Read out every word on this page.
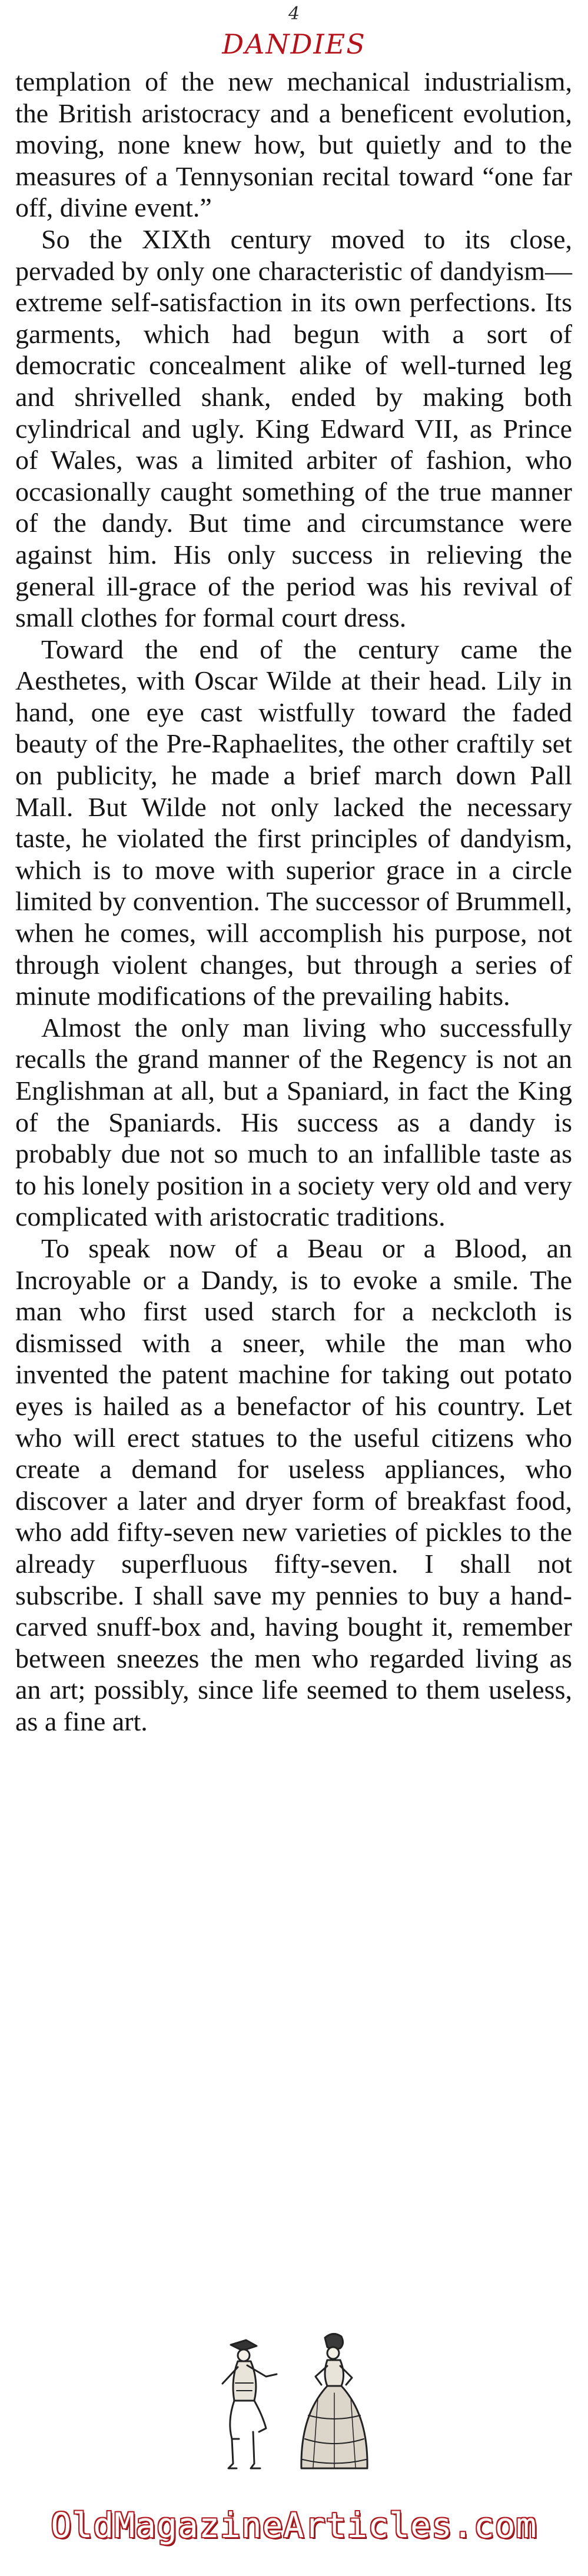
4
DANDIES

templation of the new mechanical industrialism, the British aristocracy and a beneficent evolution, moving, none knew how, but quietly and to the measures of a Tennysonian recital toward “one far off, divine event.”

So the XIXth century moved to its close, pervaded by only one characteristic of dandyism—extreme self-satisfaction in its own perfections. Its garments, which had begun with a sort of democratic concealment alike of well-turned leg and shrivelled shank, ended by making both cylindrical and ugly. King Edward VII, as Prince of Wales, was a limited arbiter of fashion, who occasionally caught something of the true manner of the dandy. But time and circumstance were against him. His only success in relieving the general ill-grace of the period was his revival of small clothes for formal court dress.

Toward the end of the century came the Aesthetes, with Oscar Wilde at their head. Lily in hand, one eye cast wistfully toward the faded beauty of the Pre-Raphaelites, the other craftily set on publicity, he made a brief march down Pall Mall. But Wilde not only lacked the necessary taste, he violated the first principles of dandyism, which is to move with superior grace in a circle limited by convention. The successor of Brummell, when he comes, will accomplish his purpose, not through violent changes, but through a series of minute modifications of the prevailing habits.

Almost the only man living who successfully recalls the grand manner of the Regency is not an Englishman at all, but a Spaniard, in fact the King of the Spaniards. His success as a dandy is probably due not so much to an infallible taste as to his lonely position in a society very old and very complicated with aristocratic traditions.

To speak now of a Beau or a Blood, an Incroyable or a Dandy, is to evoke a smile. The man who first used starch for a neckcloth is dismissed with a sneer, while the man who invented the patent machine for taking out potato eyes is hailed as a benefactor of his country. Let who will erect statues to the useful citizens who create a demand for useless appliances, who discover a later and dryer form of breakfast food, who add fifty-seven new varieties of pickles to the already superfluous fifty-seven. I shall not subscribe. I shall save my pennies to buy a hand-carved snuff-box and, having bought it, remember between sneezes the men who regarded living as an art; possibly, since life seemed to them useless, as a fine art.

OldMagazineArticles.com
